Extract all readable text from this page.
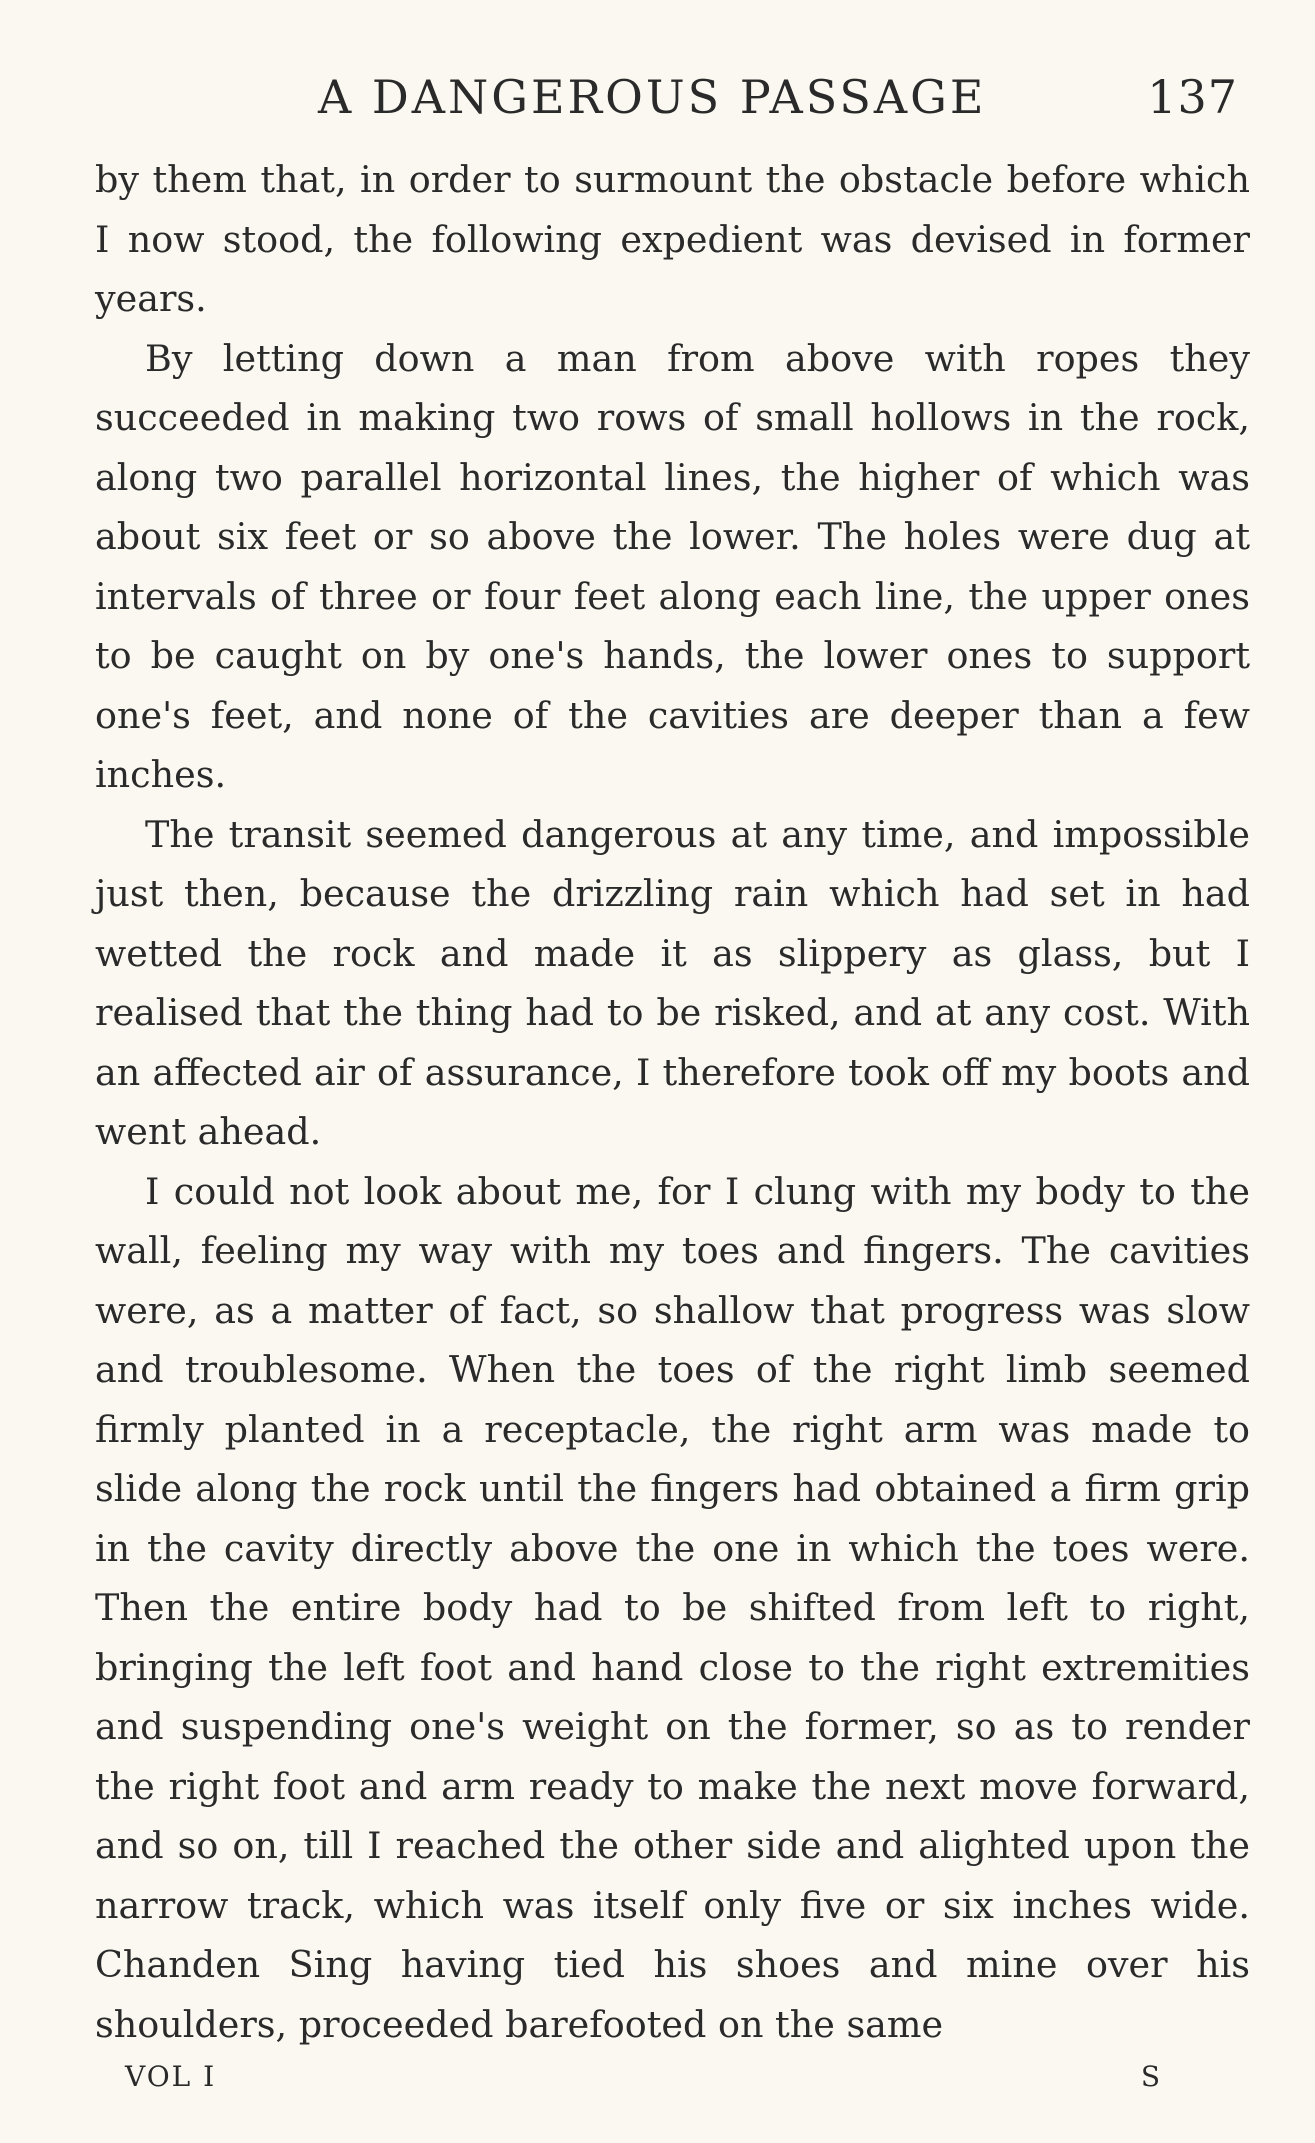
A DANGEROUS PASSAGE	137

by them that, in order to surmount the obstacle before which I now stood, the following expedient was devised in former years.

By letting down a man from above with ropes they succeeded in making two rows of small hollows in the rock, along two parallel horizontal lines, the higher of which was about six feet or so above the lower. The holes were dug at intervals of three or four feet along each line, the upper ones to be caught on by one's hands, the lower ones to support one's feet, and none of the cavities are deeper than a few inches.

The transit seemed dangerous at any time, and impossible just then, because the drizzling rain which had set in had wetted the rock and made it as slippery as glass, but I realised that the thing had to be risked, and at any cost. With an affected air of assurance, I therefore took off my boots and went ahead.

I could not look about me, for I clung with my body to the wall, feeling my way with my toes and fingers. The cavities were, as a matter of fact, so shallow that progress was slow and troublesome. When the toes of the right limb seemed firmly planted in a receptacle, the right arm was made to slide along the rock until the fingers had obtained a firm grip in the cavity directly above the one in which the toes were. Then the entire body had to be shifted from left to right, bringing the left foot and hand close to the right extremities and suspending one's weight on the former, so as to render the right foot and arm ready to make the next move forward, and so on, till I reached the other side and alighted upon the narrow track, which was itself only five or six inches wide. Chanden Sing having tied his shoes and mine over his shoulders, proceeded barefooted on the same

VOL I	S
